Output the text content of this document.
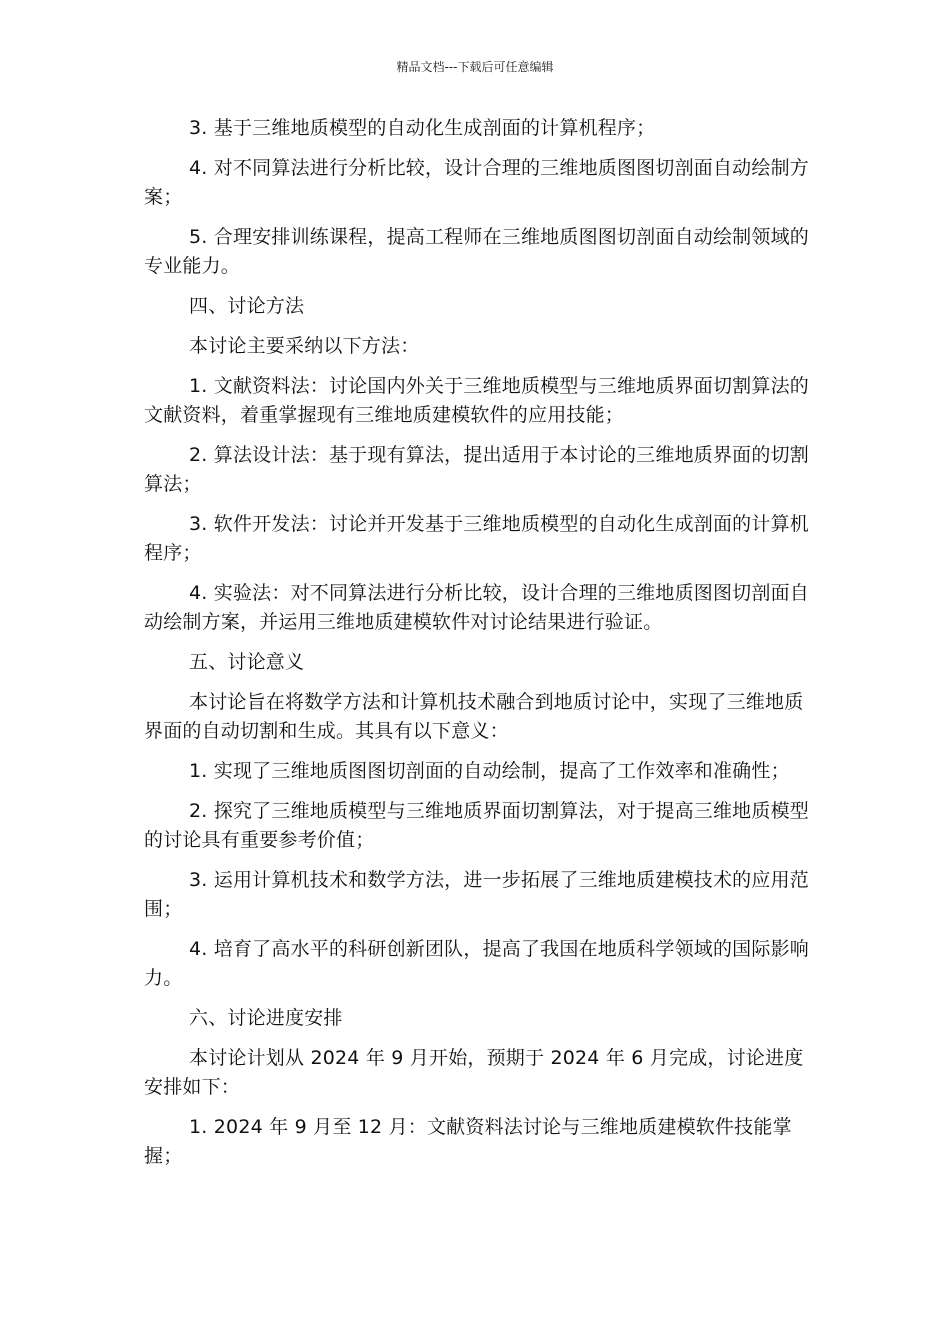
精品文档---下载后可任意编辑

3. 基于三维地质模型的自动化生成剖面的计算机程序；

4. 对不同算法进行分析比较，设计合理的三维地质图图切剖面自动绘制方案；

5. 合理安排训练课程，提高工程师在三维地质图图切剖面自动绘制领域的专业能力。

四、讨论方法

本讨论主要采纳以下方法：

1. 文献资料法：讨论国内外关于三维地质模型与三维地质界面切割算法的文献资料，着重掌握现有三维地质建模软件的应用技能；

2. 算法设计法：基于现有算法，提出适用于本讨论的三维地质界面的切割算法；

3. 软件开发法：讨论并开发基于三维地质模型的自动化生成剖面的计算机程序；

4. 实验法：对不同算法进行分析比较，设计合理的三维地质图图切剖面自动绘制方案，并运用三维地质建模软件对讨论结果进行验证。

五、讨论意义

本讨论旨在将数学方法和计算机技术融合到地质讨论中，实现了三维地质界面的自动切割和生成。其具有以下意义：

1. 实现了三维地质图图切剖面的自动绘制，提高了工作效率和准确性；

2. 探究了三维地质模型与三维地质界面切割算法，对于提高三维地质模型的讨论具有重要参考价值；

3. 运用计算机技术和数学方法，进一步拓展了三维地质建模技术的应用范围；

4. 培育了高水平的科研创新团队，提高了我国在地质科学领域的国际影响力。

六、讨论进度安排

本讨论计划从 2024 年 9 月开始，预期于 2024 年 6 月完成，讨论进度安排如下：

1. 2024 年 9 月至 12 月：文献资料法讨论与三维地质建模软件技能掌握；
